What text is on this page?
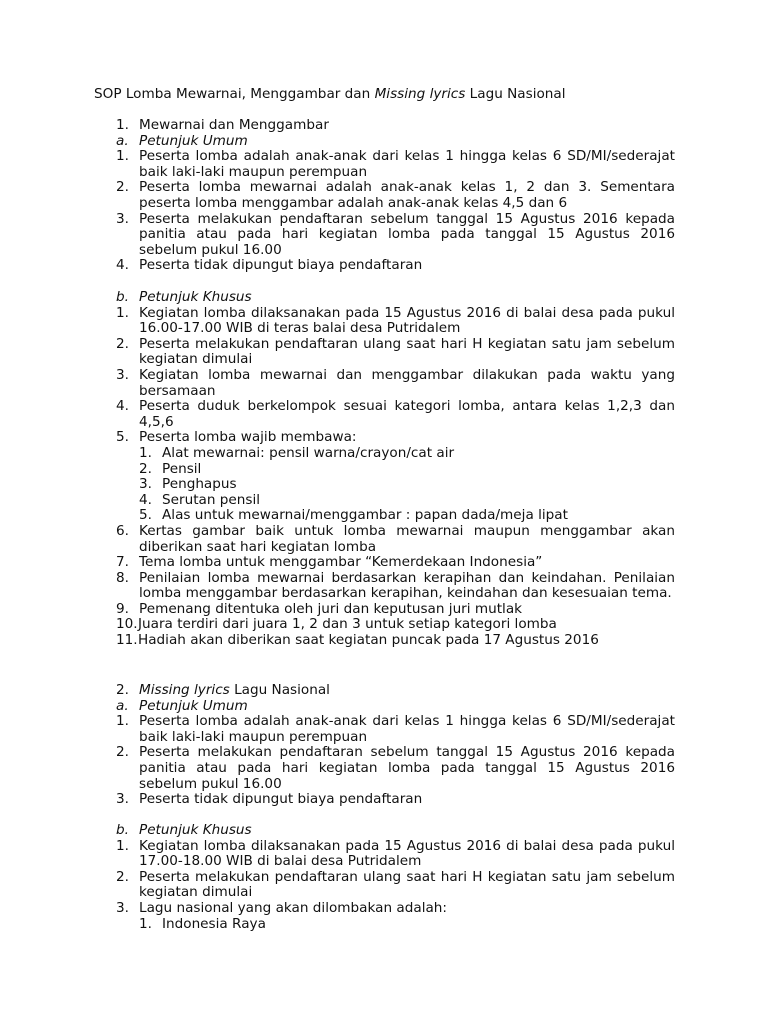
SOP Lomba Mewarnai, Menggambar dan Missing lyrics Lagu Nasional
1. Mewarnai dan Menggambar
a. Petunjuk Umum
1. Peserta lomba adalah anak-anak dari kelas 1 hingga kelas 6 SD/MI/sederajat baik laki-laki maupun perempuan
2. Peserta lomba mewarnai adalah anak-anak kelas 1, 2 dan 3. Sementara peserta lomba menggambar adalah anak-anak kelas 4,5 dan 6
3. Peserta melakukan pendaftaran sebelum tanggal 15 Agustus 2016 kepada panitia atau pada hari kegiatan lomba pada tanggal 15 Agustus 2016 sebelum pukul 16.00
4. Peserta tidak dipungut biaya pendaftaran
b. Petunjuk Khusus
1. Kegiatan lomba dilaksanakan pada 15 Agustus 2016 di balai desa pada pukul 16.00-17.00 WIB di teras balai desa Putridalem
2. Peserta melakukan pendaftaran ulang saat hari H kegiatan satu jam sebelum kegiatan dimulai
3. Kegiatan lomba mewarnai dan menggambar dilakukan pada waktu yang bersamaan
4. Peserta duduk berkelompok sesuai kategori lomba, antara kelas 1,2,3 dan 4,5,6
5. Peserta lomba wajib membawa:
1. Alat mewarnai: pensil warna/crayon/cat air
2. Pensil
3. Penghapus
4. Serutan pensil
5. Alas untuk mewarnai/menggambar : papan dada/meja lipat
6. Kertas gambar baik untuk lomba mewarnai maupun menggambar akan diberikan saat hari kegiatan lomba
7. Tema lomba untuk menggambar “Kemerdekaan Indonesia”
8. Penilaian lomba mewarnai berdasarkan kerapihan dan keindahan. Penilaian lomba menggambar berdasarkan kerapihan, keindahan dan kesesuaian tema.
9. Pemenang ditentuka oleh juri dan keputusan juri mutlak
10. Juara terdiri dari juara 1, 2 dan 3 untuk setiap kategori lomba
11. Hadiah akan diberikan saat kegiatan puncak pada 17 Agustus 2016
2. Missing lyrics Lagu Nasional
a. Petunjuk Umum
1. Peserta lomba adalah anak-anak dari kelas 1 hingga kelas 6 SD/MI/sederajat baik laki-laki maupun perempuan
2. Peserta melakukan pendaftaran sebelum tanggal 15 Agustus 2016 kepada panitia atau pada hari kegiatan lomba pada tanggal 15 Agustus 2016 sebelum pukul 16.00
3. Peserta tidak dipungut biaya pendaftaran
b. Petunjuk Khusus
1. Kegiatan lomba dilaksanakan pada 15 Agustus 2016 di balai desa pada pukul 17.00-18.00 WIB di balai desa Putridalem
2. Peserta melakukan pendaftaran ulang saat hari H kegiatan satu jam sebelum kegiatan dimulai
3. Lagu nasional yang akan dilombakan adalah:
1. Indonesia Raya
